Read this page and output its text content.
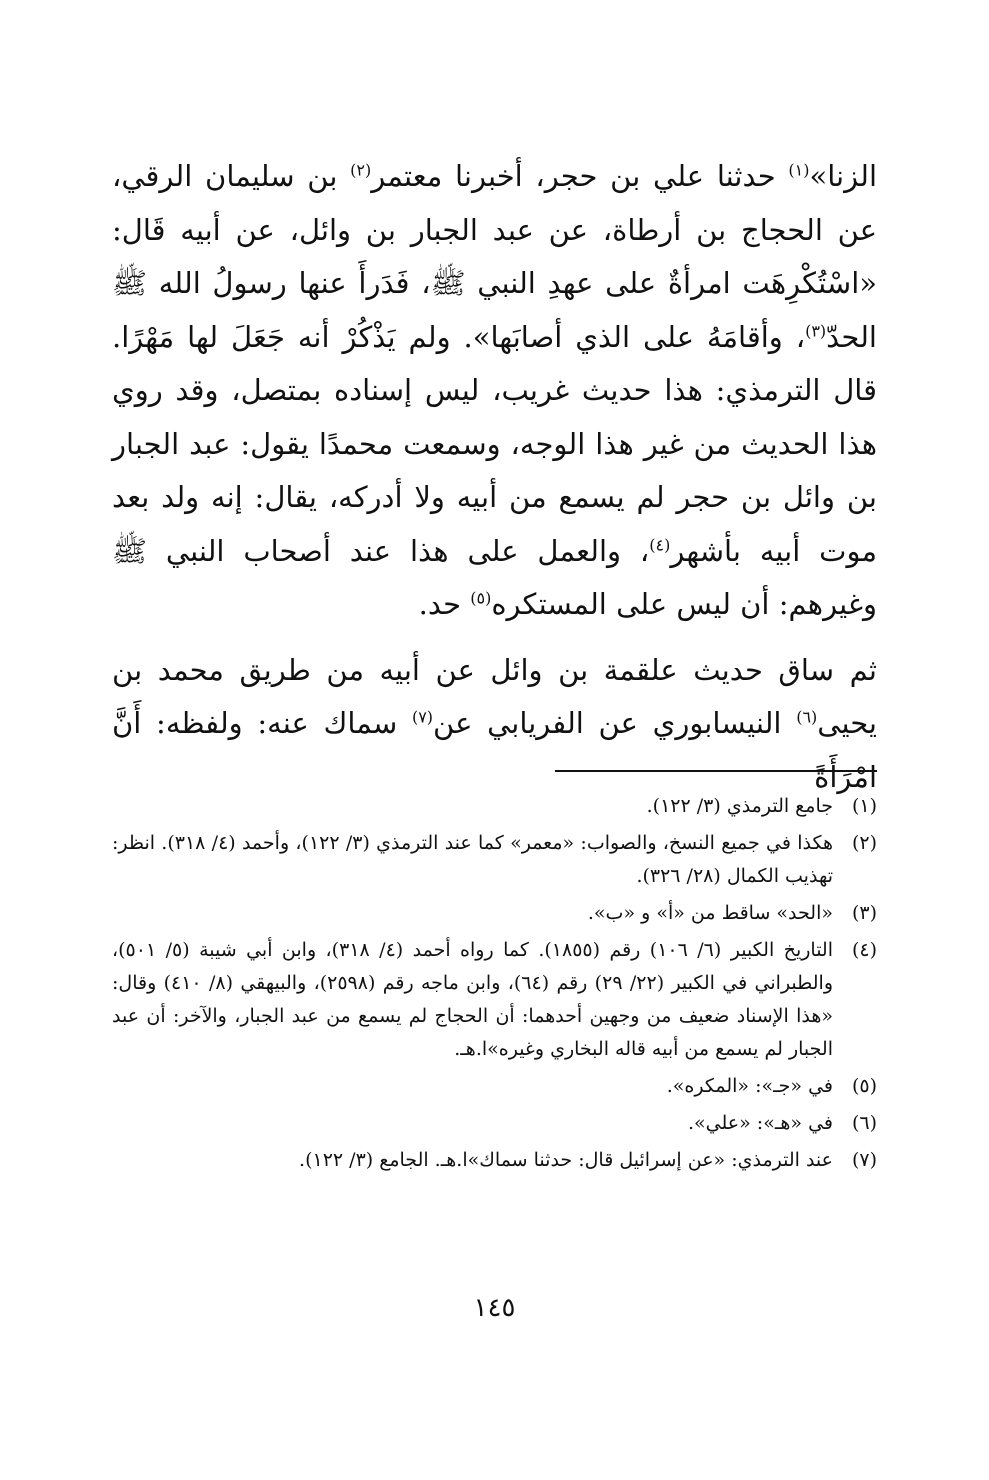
الزنا»$^{(١)}$ حدثنا علي بن حجر، أخبرنا معتمر$^{(٢)}$ بن سليمان الرقي، عن الحجاج بن أرطاة، عن عبد الجبار بن وائل، عن أبيه قَال: «اسْتُكْرِهَت امرأةٌ على عهدِ النبي ﷺ، فَدَرأَ عنها رسولُ الله ﷺ الحدّ$^{(٣)}$، وأقامَهُ على الذي أصابَها». ولم يَذْكُرْ أنه جَعَلَ لها مَهْرًا. قال الترمذي: هذا حديث غريب، ليس إسناده بمتصل، وقد روي هذا الحديث من غير هذا الوجه، وسمعت محمدًا يقول: عبد الجبار بن وائل بن حجر لم يسمع من أبيه ولا أدركه، يقال: إنه ولد بعد موت أبيه بأشهر$^{(٤)}$، والعمل على هذا عند أصحاب النبي ﷺ وغيرهم: أن ليس على المستكره$^{(٥)}$ حد.

ثم ساق حديث علقمة بن وائل عن أبيه من طريق محمد بن يحيى$^{(٦)}$ النيسابوري عن الفريابي عن$^{(٧)}$ سماك عنه: ولفظه: أَنَّ امْرَأَةً

(١)
جامع الترمذي (٣/ ١٢٢).
(٢)
هكذا في جميع النسخ، والصواب: «معمر» كما عند الترمذي (٣/ ١٢٢)، وأحمد (٤/ ٣١٨). انظر: تهذيب الكمال (٢٨/ ٣٢٦).
(٣)
«الحد» ساقط من «أ» و «ب».
(٤)
التاريخ الكبير (٦/ ١٠٦) رقم (١٨٥٥). كما رواه أحمد (٤/ ٣١٨)، وابن أبي شيبة (٥/ ٥٠١)، والطبراني في الكبير (٢٢/ ٢٩) رقم (٦٤)، وابن ماجه رقم (٢٥٩٨)، والبيهقي (٨/ ٤١٠) وقال: «هذا الإسناد ضعيف من وجهين أحدهما: أن الحجاج لم يسمع من عبد الجبار، والآخر: أن عبد الجبار لم يسمع من أبيه قاله البخاري وغيره»ا.هـ.
(٥)
في «جـ»: «المكره».
(٦)
في «هـ»: «علي».
(٧)
عند الترمذي: «عن إسرائيل قال: حدثنا سماك»ا.هـ. الجامع (٣/ ١٢٢).
١٤٥
